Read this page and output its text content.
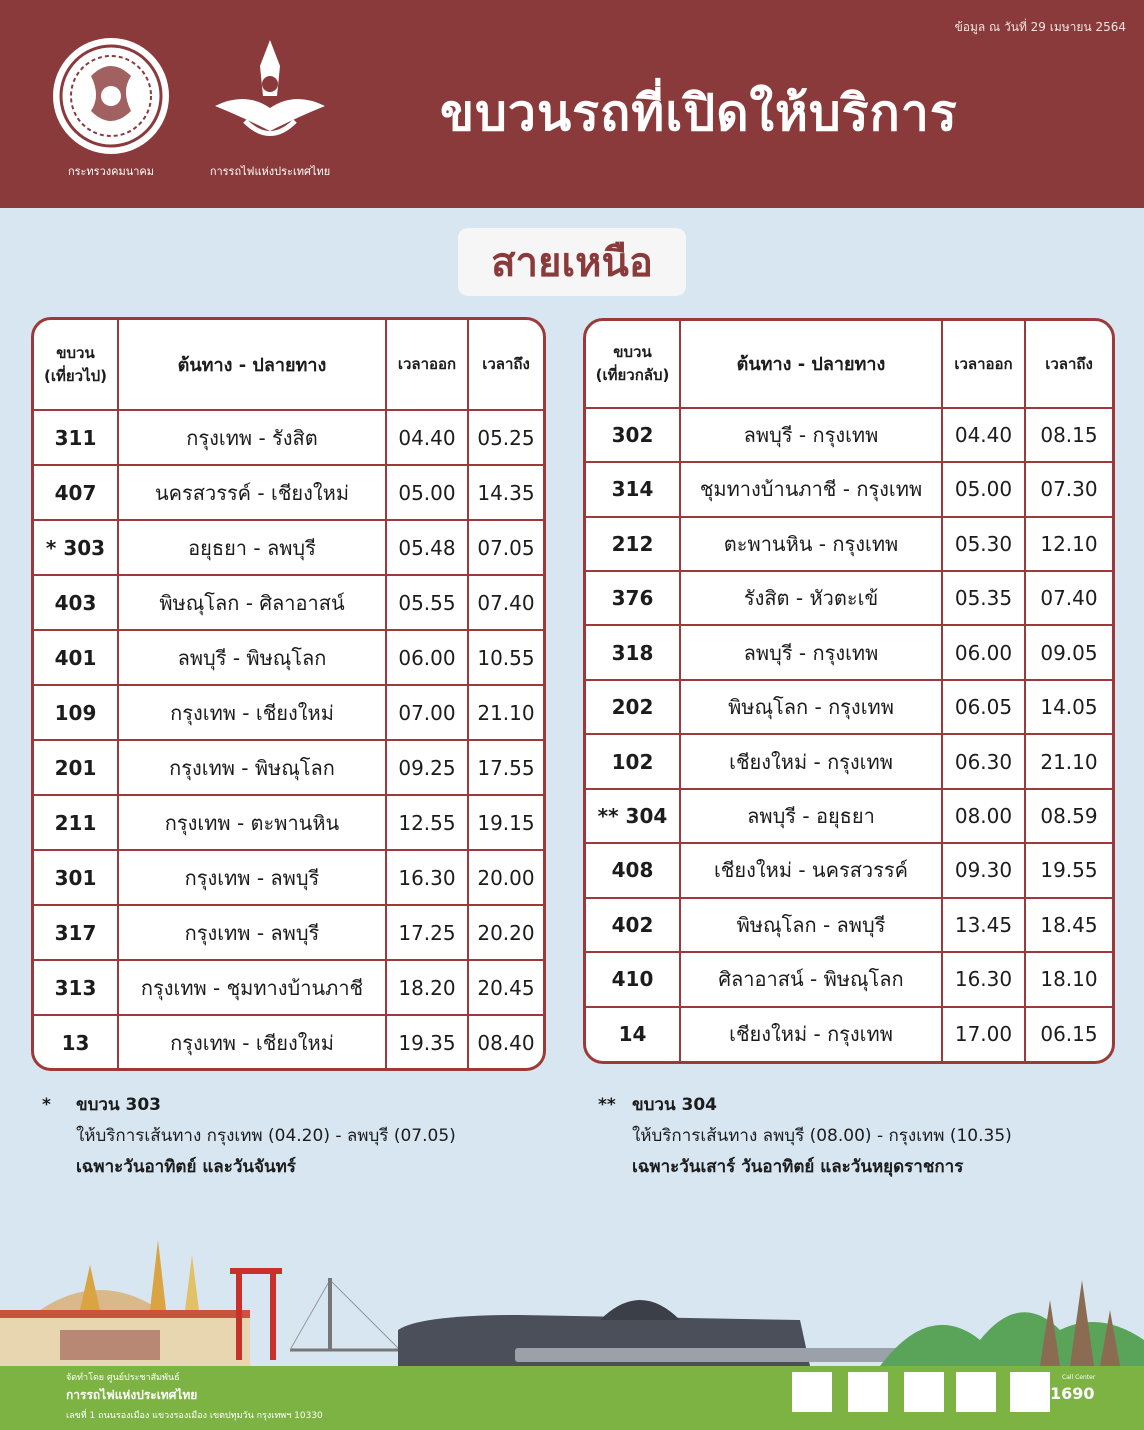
ข้อมูล ณ วันที่ 29 เมษายน 2564
กระทรวงคมนาคม	การรถไฟแห่งประเทศไทย
ขบวนรถที่เปิดให้บริการ
สายเหนือ
ขบวน
(เที่ยวไป)	ต้นทาง - ปลายทาง	เวลาออก	เวลาถึง
311	กรุงเทพ - รังสิต	04.40	05.25
407	นครสวรรค์ - เชียงใหม่	05.00	14.35
* 303	อยุธยา - ลพบุรี	05.48	07.05
403	พิษณุโลก - ศิลาอาสน์	05.55	07.40
401	ลพบุรี - พิษณุโลก	06.00	10.55
109	กรุงเทพ - เชียงใหม่	07.00	21.10
201	กรุงเทพ - พิษณุโลก	09.25	17.55
211	กรุงเทพ - ตะพานหิน	12.55	19.15
301	กรุงเทพ - ลพบุรี	16.30	20.00
317	กรุงเทพ - ลพบุรี	17.25	20.20
313	กรุงเทพ - ชุมทางบ้านภาชี	18.20	20.45
13	กรุงเทพ - เชียงใหม่	19.35	08.40
ขบวน
(เที่ยวกลับ)	ต้นทาง - ปลายทาง	เวลาออก	เวลาถึง
302	ลพบุรี - กรุงเทพ	04.40	08.15
314	ชุมทางบ้านภาชี - กรุงเทพ	05.00	07.30
212	ตะพานหิน - กรุงเทพ	05.30	12.10
376	รังสิต - หัวตะเข้	05.35	07.40
318	ลพบุรี - กรุงเทพ	06.00	09.05
202	พิษณุโลก - กรุงเทพ	06.05	14.05
102	เชียงใหม่ - กรุงเทพ	06.30	21.10
** 304	ลพบุรี - อยุธยา	08.00	08.59
408	เชียงใหม่ - นครสวรรค์	09.30	19.55
402	พิษณุโลก - ลพบุรี	13.45	18.45
410	ศิลาอาสน์ - พิษณุโลก	16.30	18.10
14	เชียงใหม่ - กรุงเทพ	17.00	06.15
* ขบวน 303
ให้บริการเส้นทาง กรุงเทพ (04.20) - ลพบุรี (07.05)
เฉพาะวันอาทิตย์ และวันจันทร์
** ขบวน 304
ให้บริการเส้นทาง ลพบุรี (08.00) - กรุงเทพ (10.35)
เฉพาะวันเสาร์ วันอาทิตย์ และวันหยุดราชการ
จัดทำโดย ศูนย์ประชาสัมพันธ์
การรถไฟแห่งประเทศไทย
เลขที่ 1 ถนนรองเมือง แขวงรองเมือง เขตปทุมวัน กรุงเทพฯ 10330
Call Center
1690
